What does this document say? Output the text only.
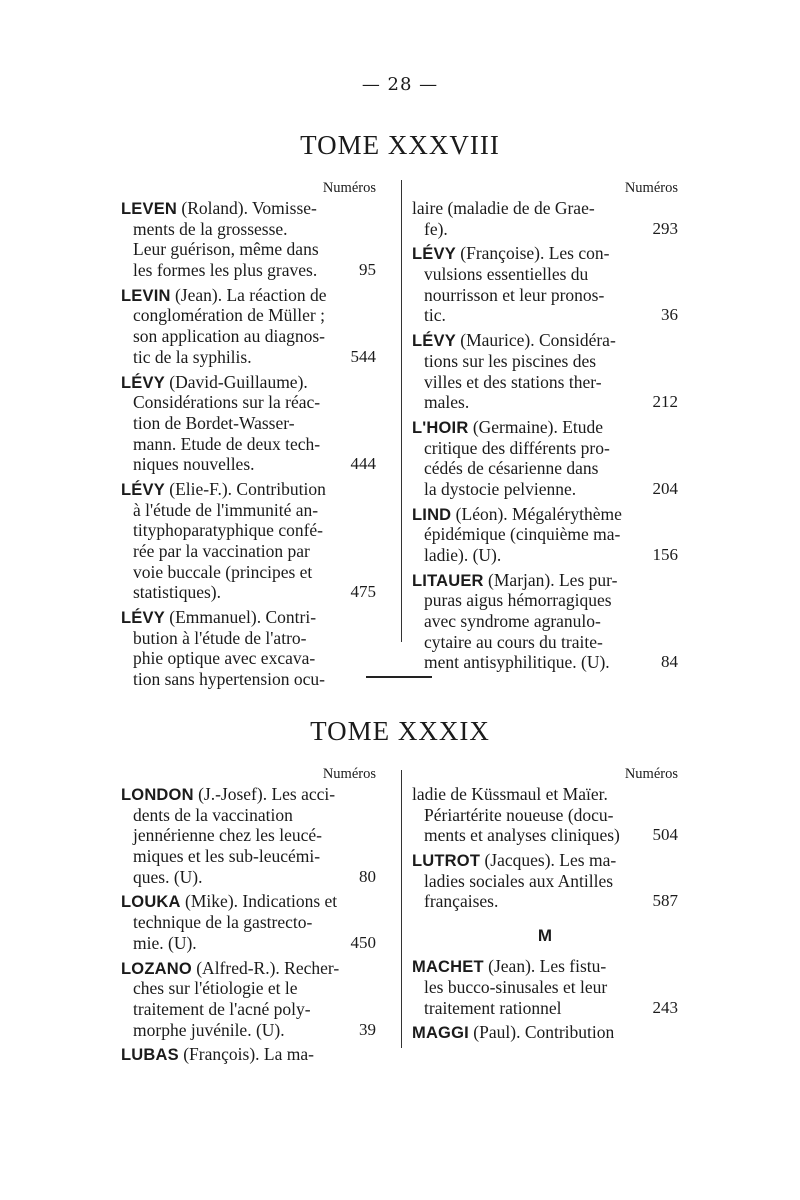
— 28 —
TOME XXXVIII
Numéros
LEVEN (Roland). Vomisse-
ments de la grossesse.
Leur guérison, même dans
les formes les plus graves. 95
LEVIN (Jean). La réaction de
conglomération de Müller ;
son application au diagnos-
tic de la syphilis.	544
LÉVY (David-Guillaume).
Considérations sur la réac-
tion de Bordet-Wasser-
mann. Etude de deux tech-
niques nouvelles.	444
LÉVY (Elie-F.). Contribution
à l'étude de l'immunité an-
tityphoparatyphique confé-
rée par la vaccination par
voie buccale (principes et
statistiques).	475
LÉVY (Emmanuel). Contri-
bution à l'étude de l'atro-
phie optique avec excava-
tion sans hypertension ocu-
Numéros
laire (maladie de de Grae-
fe).	293
LÉVY (Françoise). Les con-
vulsions essentielles du
nourrisson et leur pronos-
tic.	36
LÉVY (Maurice). Considéra-
tions sur les piscines des
villes et des stations ther-
males.	212
L'HOIR (Germaine). Etude
critique des différents pro-
cédés de césarienne dans
la dystocie pelvienne.	204
LIND (Léon). Mégalérythème
épidémique (cinquième ma-
ladie). (U).	156
LITAUER (Marjan). Les pur-
puras aigus hémorragiques
avec syndrome agranulo-
cytaire au cours du traite-
ment antisyphilitique. (U).	84
TOME XXXIX
Numéros
LONDON (J.-Josef). Les acci-
dents de la vaccination
jennérienne chez les leucé-
miques et les sub-leucémi-
ques. (U).	80
LOUKA (Mike). Indications et
technique de la gastrecto-
mie. (U).	450
LOZANO (Alfred-R.). Recher-
ches sur l'étiologie et le
traitement de l'acné poly-
morphe juvénile. (U).	39
LUBAS (François). La ma-
Numéros
ladie de Küssmaul et Maïer.
Périartérite noueuse (docu-
ments et analyses cliniques) 504
LUTROT (Jacques). Les ma-
ladies sociales aux Antilles
françaises.	587
M
MACHET (Jean). Les fistu-
les bucco-sinusales et leur
traitement rationnel	243
MAGGI (Paul). Contribution
